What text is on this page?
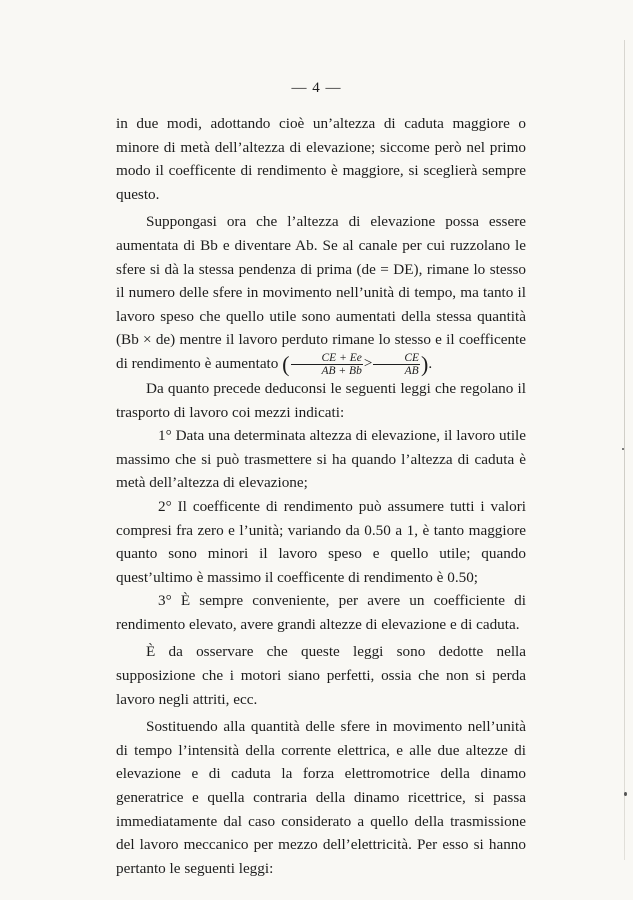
— 4 —

in due modi, adottando cioè un’altezza di caduta maggiore o minore di metà dell’altezza di elevazione; siccome però nel primo modo il coefficente di rendimento è maggiore, si sceglierà sempre questo.

Suppongasi ora che l’altezza di elevazione possa essere aumentata di Bb e diventare Ab. Se al canale per cui ruzzolano le sfere si dà la stessa pendenza di prima (de = DE), rimane lo stesso il numero delle sfere in movimento nell’unità di tempo, ma tanto il lavoro speso che quello utile sono aumentati della stessa quantità (Bb × de) mentre il lavoro perduto rimane lo stesso e il coefficente di rendimento è aumentato ( $\frac{CE + Ee}{AB + Bb} > \frac{CE}{AB}$ ).

Da quanto precede deduconsi le seguenti leggi che regolano il trasporto di lavoro coi mezzi indicati:

1° Data una determinata altezza di elevazione, il lavoro utile massimo che si può trasmettere si ha quando l’altezza di caduta è metà dell’altezza di elevazione;

2° Il coefficente di rendimento può assumere tutti i valori compresi fra zero e l’unità; variando da 0.50 a 1, è tanto maggiore quanto sono minori il lavoro speso e quello utile; quando quest’ultimo è massimo il coefficente di rendimento è 0.50;

3° È sempre conveniente, per avere un coefficiente di rendimento elevato, avere grandi altezze di elevazione e di caduta.

È da osservare che queste leggi sono dedotte nella supposizione che i motori siano perfetti, ossia che non si perda lavoro negli attriti, ecc.

Sostituendo alla quantità delle sfere in movimento nell’unità di tempo l’intensità della corrente elettrica, e alle due altezze di elevazione e di caduta la forza elettromotrice della dinamo generatrice e quella contraria della dinamo ricettrice, si passa immediatamente dal caso considerato a quello della trasmissione del lavoro meccanico per mezzo dell’elettricità. Per esso si hanno pertanto le seguenti leggi:
